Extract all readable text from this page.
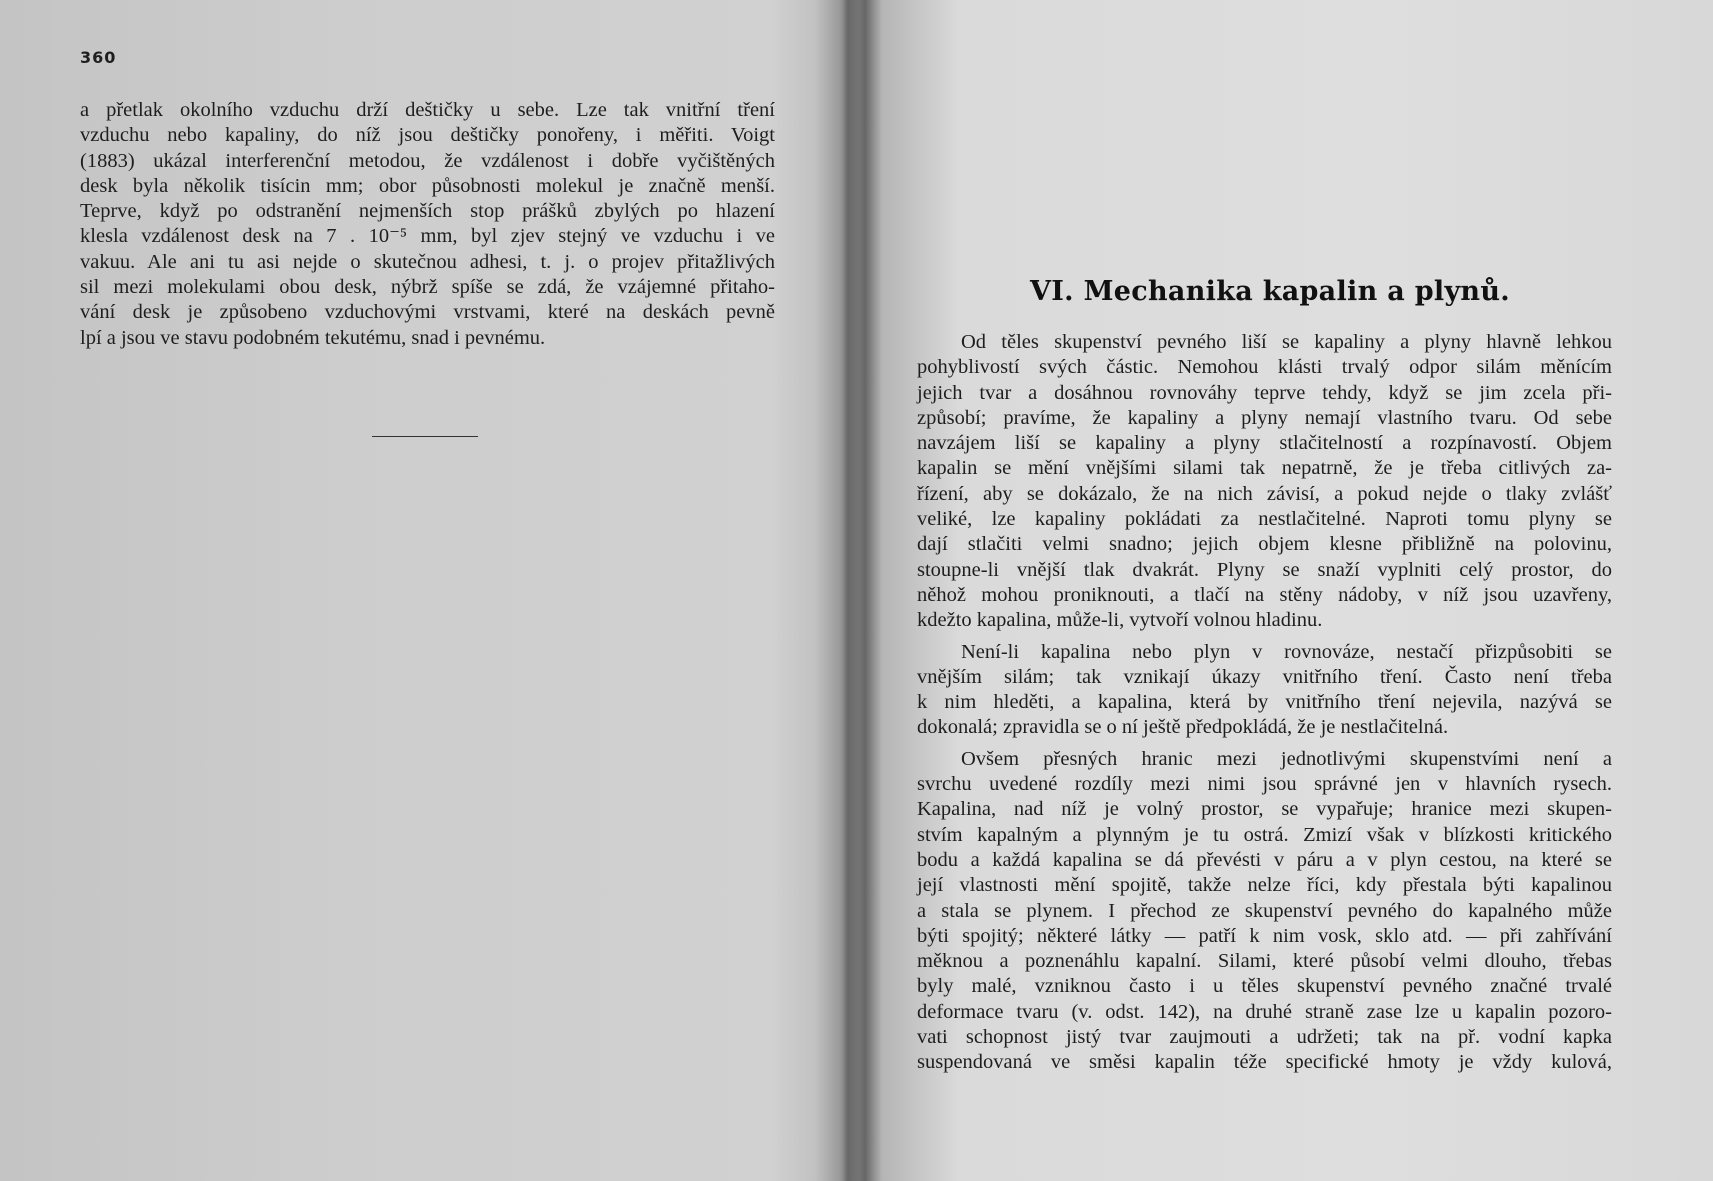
360
a přetlak okolního vzduchu drží deštičky u sebe. Lze tak vnitřní tření
vzduchu nebo kapaliny, do níž jsou deštičky ponořeny, i měřiti. Voigt
(1883) ukázal interferenční metodou, že vzdálenost i dobře vyčištěných
desk byla několik tisícin mm; obor působnosti molekul je značně menší.
Teprve, když po odstranění nejmenších stop prášků zbylých po hlazení
klesla vzdálenost desk na 7 . 10⁻⁵ mm, byl zjev stejný ve vzduchu i ve
vakuu. Ale ani tu asi nejde o skutečnou adhesi, t. j. o projev přitažlivých
sil mezi molekulami obou desk, nýbrž spíše se zdá, že vzájemné přitaho-
vání desk je způsobeno vzduchovými vrstvami, které na deskách pevně
lpí a jsou ve stavu podobném tekutému, snad i pevnému.
VI. Mechanika kapalin a plynů.
Od těles skupenství pevného liší se kapaliny a plyny hlavně lehkou
pohyblivostí svých částic. Nemohou klásti trvalý odpor silám měnícím
jejich tvar a dosáhnou rovnováhy teprve tehdy, když se jim zcela při-
způsobí; pravíme, že kapaliny a plyny nemají vlastního tvaru. Od sebe
navzájem liší se kapaliny a plyny stlačitelností a rozpínavostí. Objem
kapalin se mění vnějšími silami tak nepatrně, že je třeba citlivých za-
řízení, aby se dokázalo, že na nich závisí, a pokud nejde o tlaky zvlášť
veliké, lze kapaliny pokládati za nestlačitelné. Naproti tomu plyny se
dají stlačiti velmi snadno; jejich objem klesne přibližně na polovinu,
stoupne-li vnější tlak dvakrát. Plyny se snaží vyplniti celý prostor, do
něhož mohou proniknouti, a tlačí na stěny nádoby, v níž jsou uzavřeny,
kdežto kapalina, může-li, vytvoří volnou hladinu.
Není-li kapalina nebo plyn v rovnováze, nestačí přizpůsobiti se
vnějším silám; tak vznikají úkazy vnitřního tření. Často není třeba
k nim hleděti, a kapalina, která by vnitřního tření nejevila, nazývá se
dokonalá; zpravidla se o ní ještě předpokládá, že je nestlačitelná.
Ovšem přesných hranic mezi jednotlivými skupenstvími není a
svrchu uvedené rozdíly mezi nimi jsou správné jen v hlavních rysech.
Kapalina, nad níž je volný prostor, se vypařuje; hranice mezi skupen-
stvím kapalným a plynným je tu ostrá. Zmizí však v blízkosti kritického
bodu a každá kapalina se dá převésti v páru a v plyn cestou, na které se
její vlastnosti mění spojitě, takže nelze říci, kdy přestala býti kapalinou
a stala se plynem. I přechod ze skupenství pevného do kapalného může
býti spojitý; některé látky — patří k nim vosk, sklo atd. — při zahřívání
měknou a poznenáhlu kapalní. Silami, které působí velmi dlouho, třebas
byly malé, vzniknou často i u těles skupenství pevného značné trvalé
deformace tvaru (v. odst. 142), na druhé straně zase lze u kapalin pozoro-
vati schopnost jistý tvar zaujmouti a udržeti; tak na př. vodní kapka
suspendovaná ve směsi kapalin téže specifické hmoty je vždy kulová,
